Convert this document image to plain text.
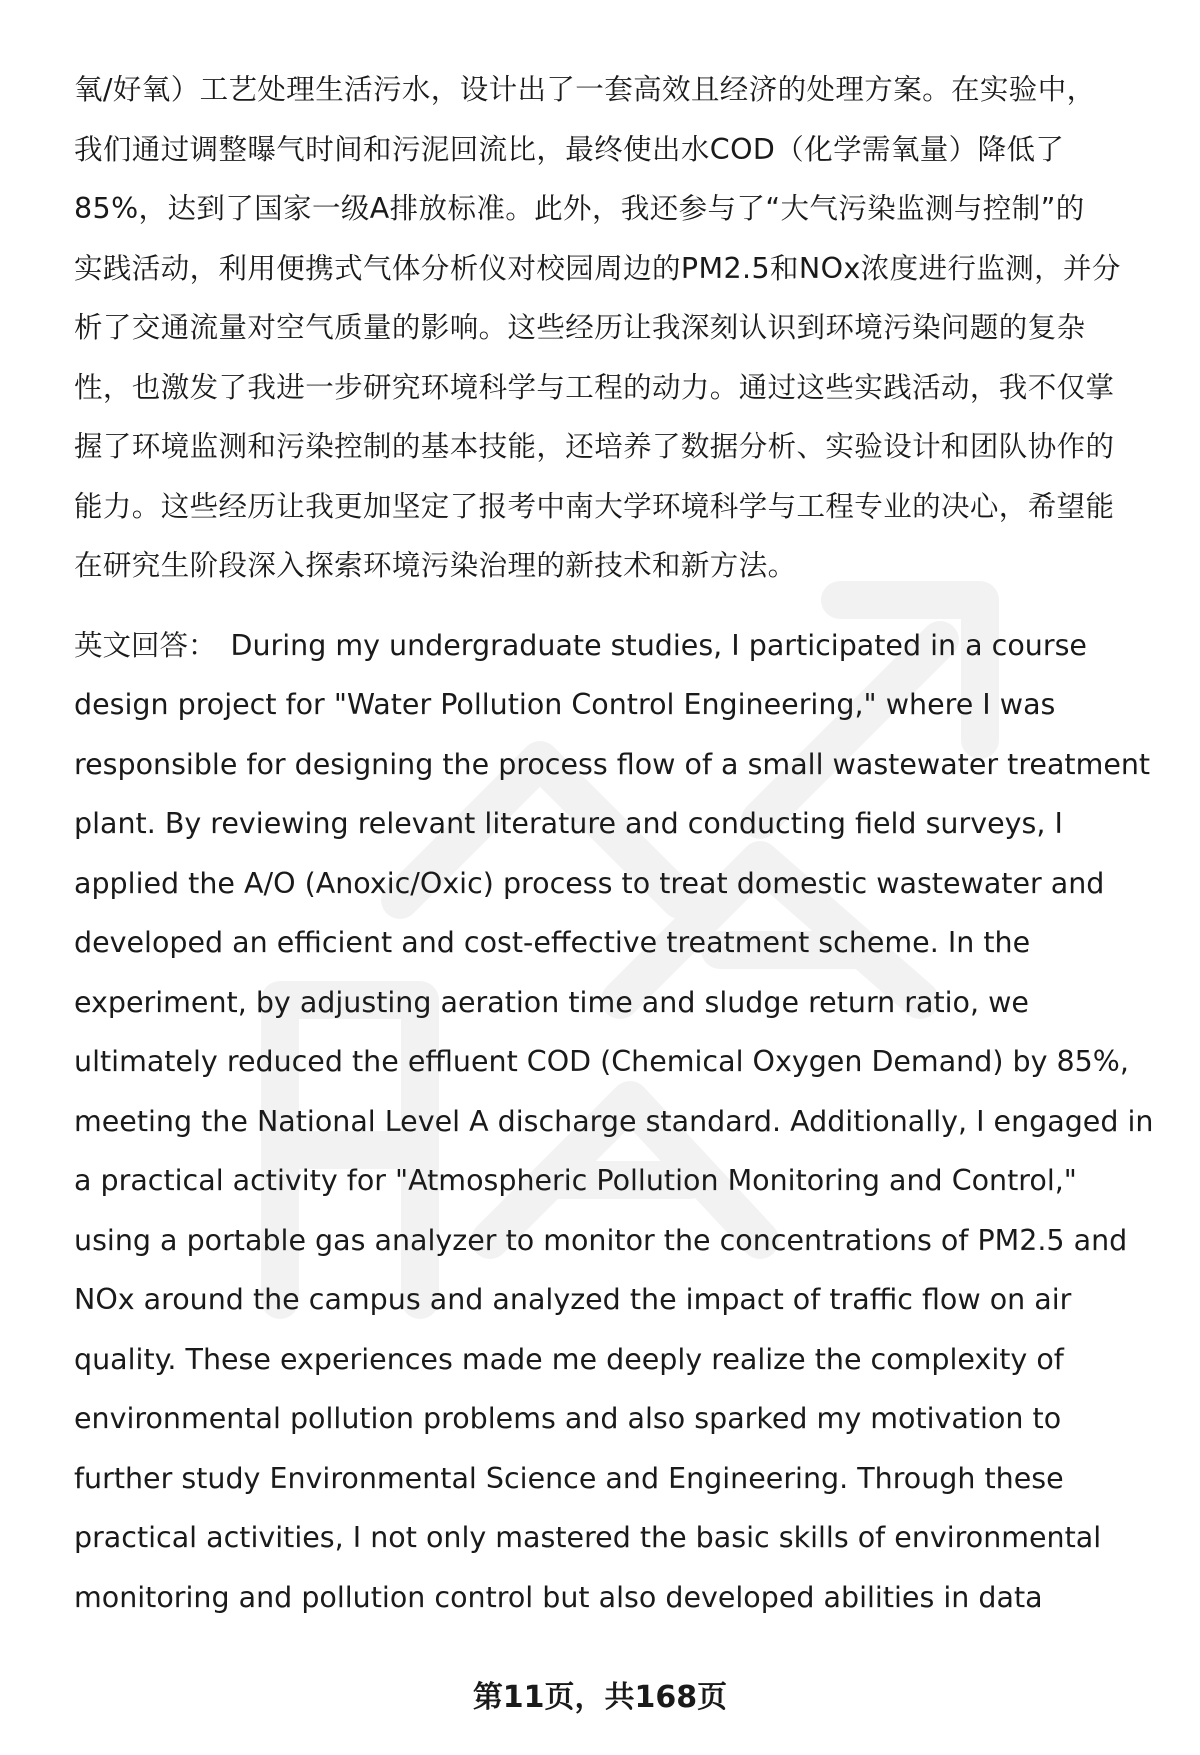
氧/好氧）工艺处理生活污水，设计出了一套高效且经济的处理方案。在实验中，
我们通过调整曝气时间和污泥回流比，最终使出水COD（化学需氧量）降低了
85%，达到了国家一级A排放标准。此外，我还参与了“大气污染监测与控制”的
实践活动，利用便携式气体分析仪对校园周边的PM2.5和NOx浓度进行监测，并分
析了交通流量对空气质量的影响。这些经历让我深刻认识到环境污染问题的复杂
性，也激发了我进一步研究环境科学与工程的动力。通过这些实践活动，我不仅掌
握了环境监测和污染控制的基本技能，还培养了数据分析、实验设计和团队协作的
能力。这些经历让我更加坚定了报考中南大学环境科学与工程专业的决心，希望能
在研究生阶段深入探索环境污染治理的新技术和新方法。
英文回答： During my undergraduate studies, I participated in a course
design project for "Water Pollution Control Engineering," where I was
responsible for designing the process flow of a small wastewater treatment
plant. By reviewing relevant literature and conducting field surveys, I
applied the A/O (Anoxic/Oxic) process to treat domestic wastewater and
developed an efficient and cost-effective treatment scheme. In the
experiment, by adjusting aeration time and sludge return ratio, we
ultimately reduced the effluent COD (Chemical Oxygen Demand) by 85%,
meeting the National Level A discharge standard. Additionally, I engaged in
a practical activity for "Atmospheric Pollution Monitoring and Control,"
using a portable gas analyzer to monitor the concentrations of PM2.5 and
NOx around the campus and analyzed the impact of traffic flow on air
quality. These experiences made me deeply realize the complexity of
environmental pollution problems and also sparked my motivation to
further study Environmental Science and Engineering. Through these
practical activities, I not only mastered the basic skills of environmental
monitoring and pollution control but also developed abilities in data
第11页，共168页
